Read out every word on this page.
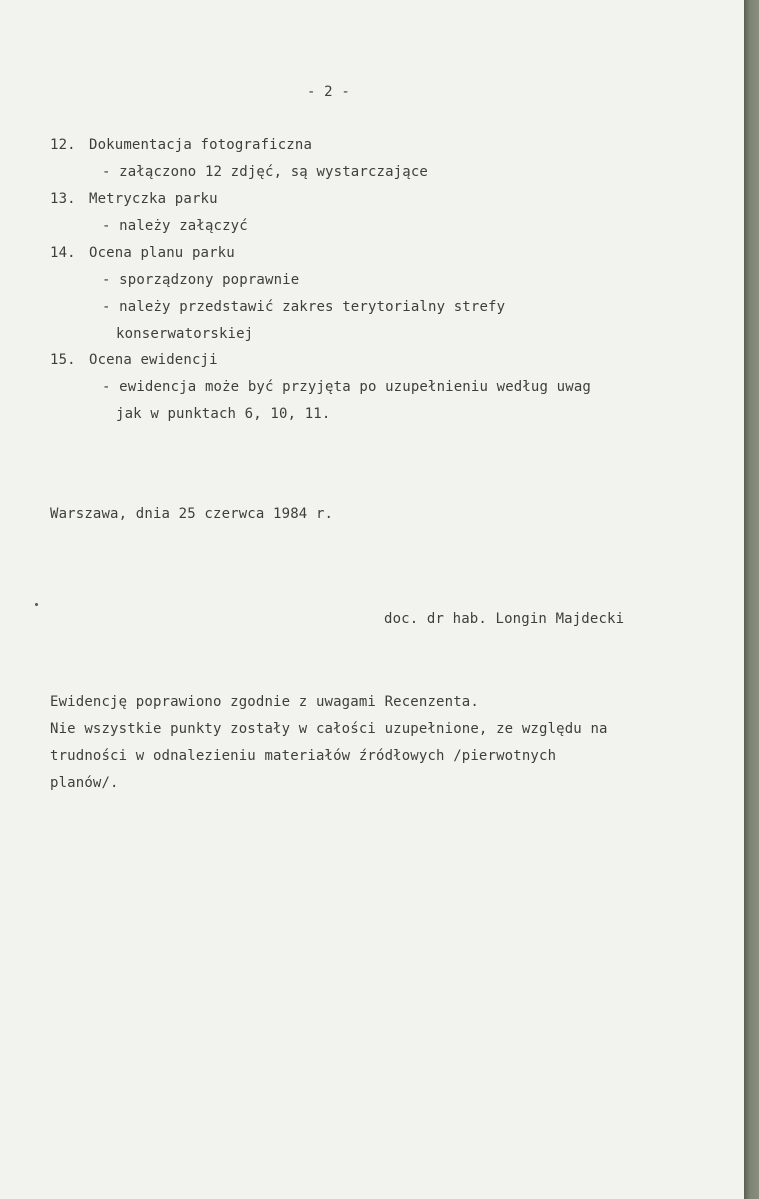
- 2 -

12. Dokumentacja fotograficzna

- załączono 12 zdjęć, są wystarczające

13. Metryczka parku

- należy załączyć

14. Ocena planu parku

- sporządzony poprawnie

- należy przedstawić zakres terytorialny strefy

konserwatorskiej

15. Ocena ewidencji

- ewidencja może być przyjęta po uzupełnieniu według uwag

jak w punktach 6, 10, 11.

Warszawa, dnia 25 czerwca 1984 r.

doc. dr hab. Longin Majdecki

Ewidencję poprawiono zgodnie z uwagami Recenzenta.

Nie wszystkie punkty zostały w całości uzupełnione, ze względu na

trudności w odnalezieniu materiałów źródłowych /pierwotnych

planów/.
